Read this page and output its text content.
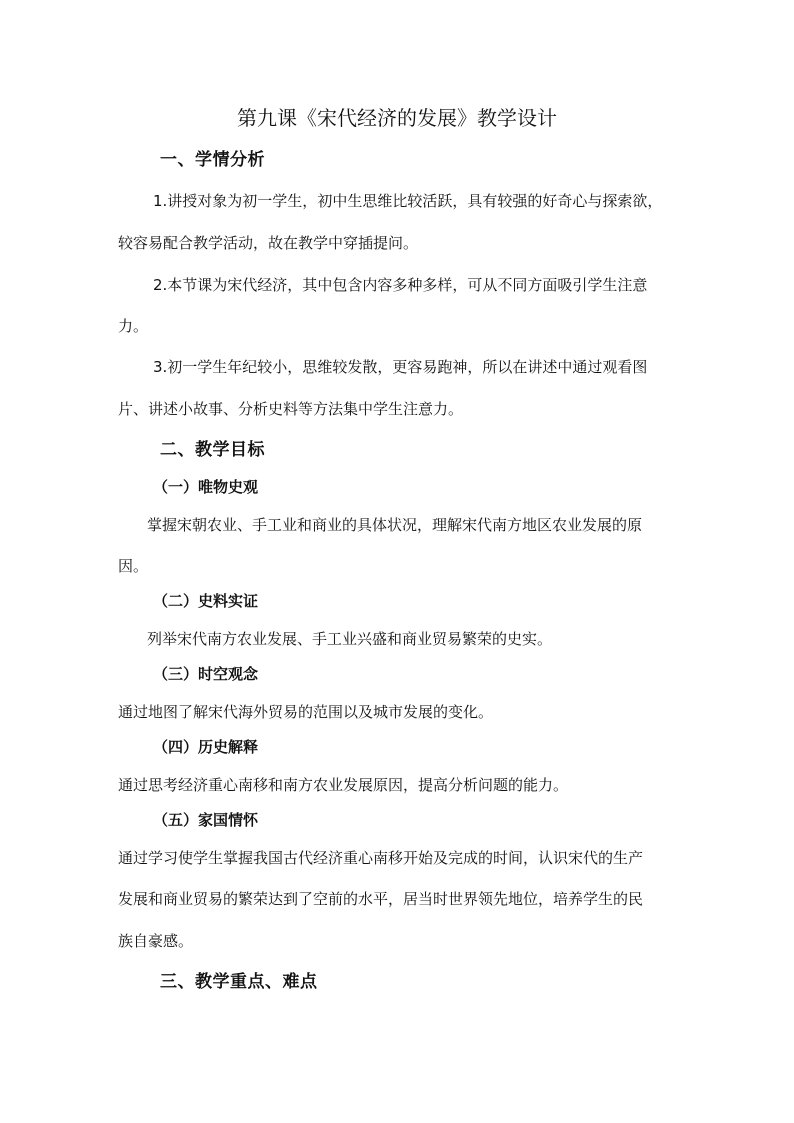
第九课《宋代经济的发展》教学设计
一、学情分析
1.讲授对象为初一学生，初中生思维比较活跃，具有较强的好奇心与探索欲，
较容易配合教学活动，故在教学中穿插提问。
2.本节课为宋代经济，其中包含内容多种多样，可从不同方面吸引学生注意
力。
3.初一学生年纪较小，思维较发散，更容易跑神，所以在讲述中通过观看图
片、讲述小故事、分析史料等方法集中学生注意力。
二、教学目标
（一）唯物史观
掌握宋朝农业、手工业和商业的具体状况，理解宋代南方地区农业发展的原
因。
（二）史料实证
列举宋代南方农业发展、手工业兴盛和商业贸易繁荣的史实。
（三）时空观念
通过地图了解宋代海外贸易的范围以及城市发展的变化。
（四）历史解释
通过思考经济重心南移和南方农业发展原因，提高分析问题的能力。
（五）家国情怀
通过学习使学生掌握我国古代经济重心南移开始及完成的时间，认识宋代的生产
发展和商业贸易的繁荣达到了空前的水平，居当时世界领先地位，培养学生的民
族自豪感。
三、教学重点、难点
